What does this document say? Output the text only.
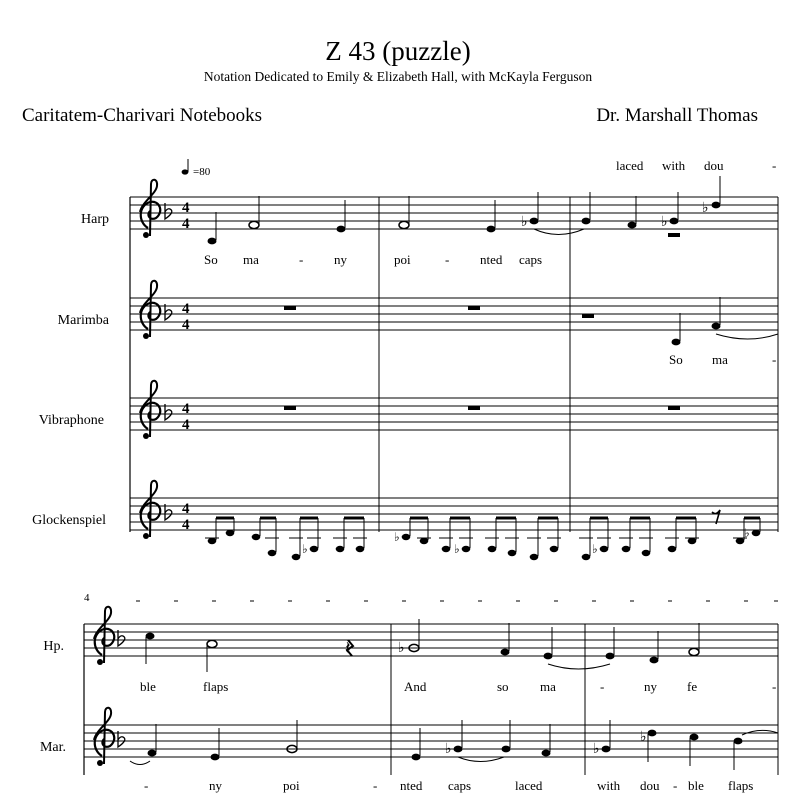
Z 43 (puzzle)
Notation Dedicated to Emily & Elizabeth Hall, with McKayla Ferguson
Caritatem-Charivari Notebooks	Dr. Marshall Thomas
=80	laced with dou	-
Harp
4
4	♭	♭
♭
So ma	- ny	poi	- nted caps
Marimba
4
4
So ma	-
Vibraphone
4
4
Glockenspiel
4
4
♭
♭
♭	♭
♭
4
Hp.	𝄽	♭
ble	flaps	And	so ma	-	ny fe	-
Mar.	♭	♭
♭
-	ny	poi	- nted caps	laced	with dou - ble flaps
